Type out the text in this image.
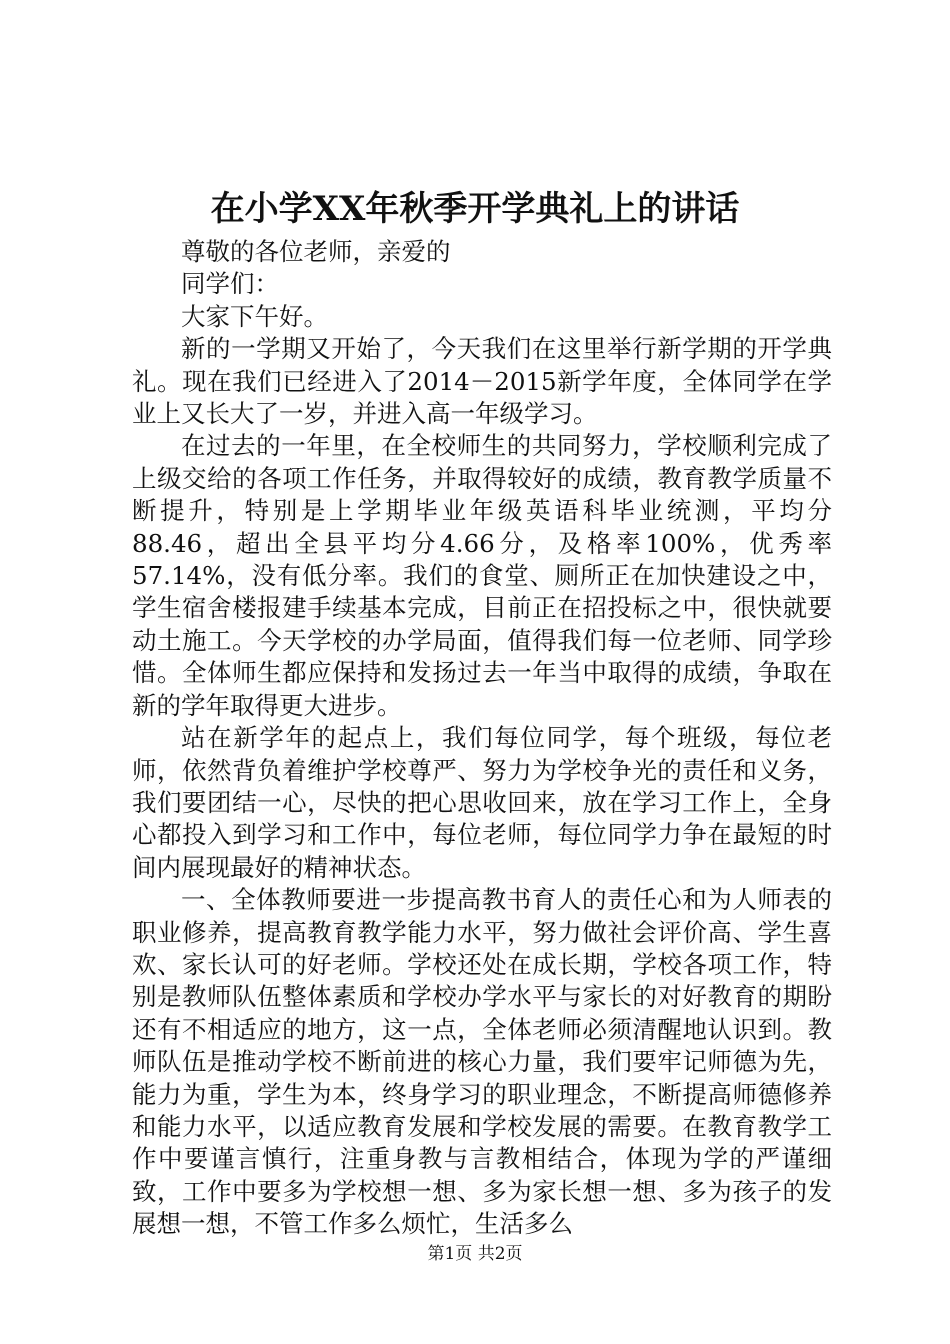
在小学XX年秋季开学典礼上的讲话

尊敬的各位老师，亲爱的

同学们：

大家下午好。

新的一学期又开始了，今天我们在这里举行新学期的开学典礼。现在我们已经进入了2014－2015新学年度，全体同学在学业上又长大了一岁，并进入高一年级学习。

在过去的一年里，在全校师生的共同努力，学校顺利完成了上级交给的各项工作任务，并取得较好的成绩，教育教学质量不断提升，特别是上学期毕业年级英语科毕业统测，平均分88.46，超出全县平均分4.66分，及格率100%，优秀率57.14%，没有低分率。我们的食堂、厕所正在加快建设之中，学生宿舍楼报建手续基本完成，目前正在招投标之中，很快就要动土施工。今天学校的办学局面，值得我们每一位老师、同学珍惜。全体师生都应保持和发扬过去一年当中取得的成绩，争取在新的学年取得更大进步。

站在新学年的起点上，我们每位同学，每个班级，每位老师，依然背负着维护学校尊严、努力为学校争光的责任和义务，我们要团结一心，尽快的把心思收回来，放在学习工作上，全身心都投入到学习和工作中，每位老师，每位同学力争在最短的时间内展现最好的精神状态。

一、全体教师要进一步提高教书育人的责任心和为人师表的职业修养，提高教育教学能力水平，努力做社会评价高、学生喜欢、家长认可的好老师。学校还处在成长期，学校各项工作，特别是教师队伍整体素质和学校办学水平与家长的对好教育的期盼还有不相适应的地方，这一点，全体老师必须清醒地认识到。教师队伍是推动学校不断前进的核心力量，我们要牢记师德为先，能力为重，学生为本，终身学习的职业理念，不断提高师德修养和能力水平，以适应教育发展和学校发展的需要。在教育教学工作中要谨言慎行，注重身教与言教相结合，体现为学的严谨细致，工作中要多为学校想一想、多为家长想一想、多为孩子的发展想一想，不管工作多么烦忙，生活多么

第1页 共2页
